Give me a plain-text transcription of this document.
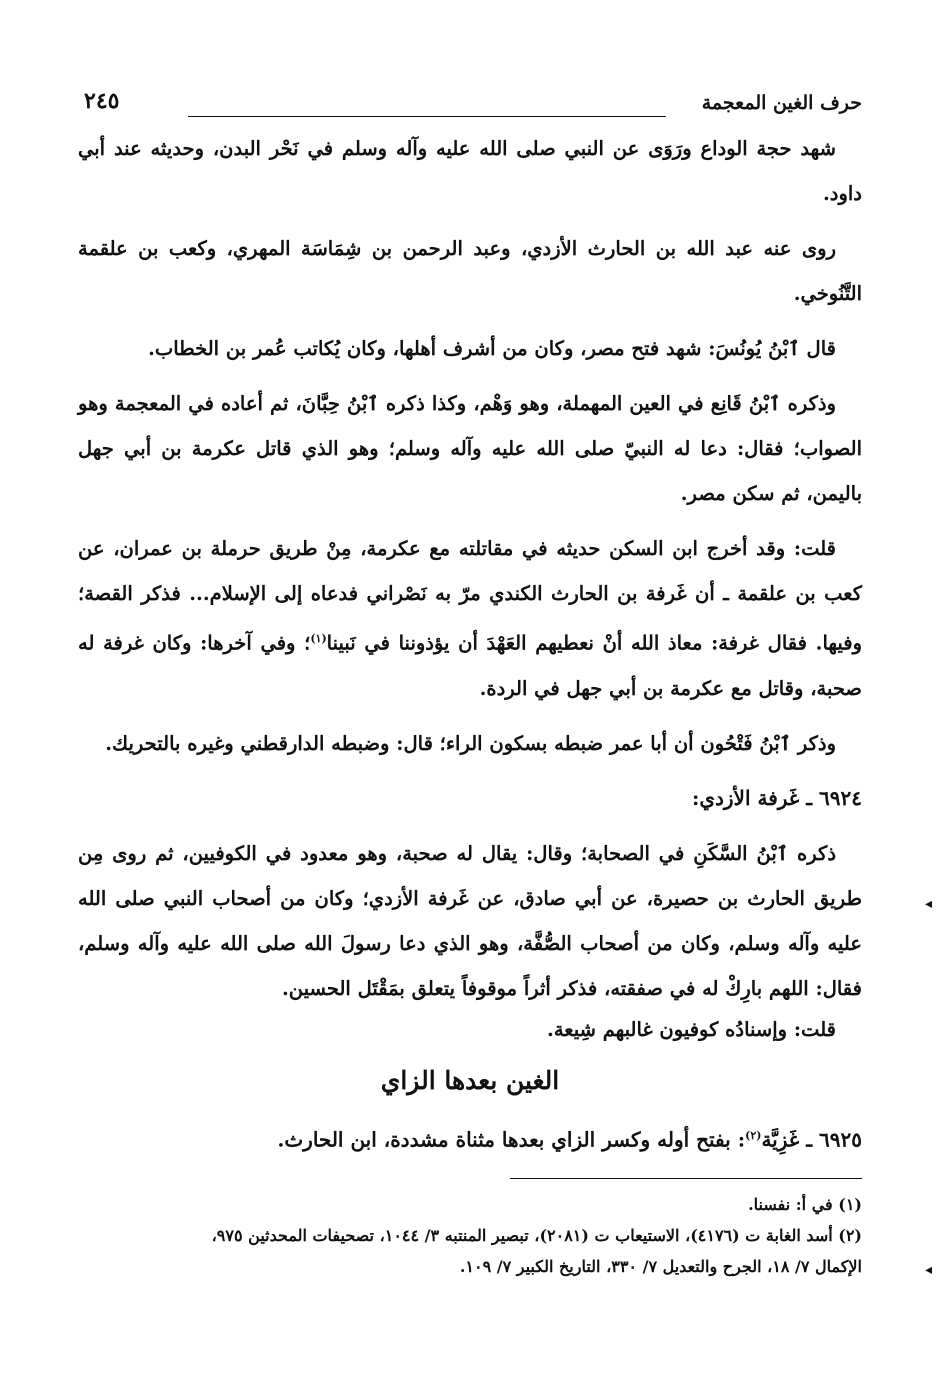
حرف الغين المعجمة
٢٤٥

شهد حجة الوداع ورَوَى عن النبي صلى الله عليه وآله وسلم في نَحْر البدن، وحديثه عند أبي داود.

روى عنه عبد الله بن الحارث الأزدي، وعبد الرحمن بن شِمَاسَة المهري، وكعب بن علقمة التَّنُوخي.

قال ٱبْنُ يُونُسَ: شهد فتح مصر، وكان من أشرف أهلها، وكان يُكاتب عُمر بن الخطاب.

وذكره ٱبْنُ قَانِع في العين المهملة، وهو وَهْم، وكذا ذكره ٱبْنُ حِبَّانَ، ثم أعاده في المعجمة وهو الصواب؛ فقال: دعا له النبيّ صلى الله عليه وآله وسلم؛ وهو الذي قاتل عكرمة بن أبي جهل باليمن، ثم سكن مصر.

قلت: وقد أخرج ابن السكن حديثه في مقاتلته مع عكرمة، مِنْ طريق حرملة بن عمران، عن كعب بن علقمة ـ أن غَرفة بن الحارث الكندي مرّ به نَصْراني فدعاه إلى الإسلام... فذكر القصة؛ وفيها. فقال غرفة: معاذ الله أنْ نعطيهم العَهْدَ أن يؤذوننا في نَبينا$^{(١)}$؛ وفي آخرها: وكان غرفة له صحبة، وقاتل مع عكرمة بن أبي جهل في الردة.

وذكر ٱبْنُ فَتْحُون أن أبا عمر ضبطه بسكون الراء؛ قال: وضبطه الدارقطني وغيره بالتحريك.

٦٩٢٤ ـ غَرفة الأزدي:

ذكره ٱبْنُ السَّكَنِ في الصحابة؛ وقال: يقال له صحبة، وهو معدود في الكوفيين، ثم روى مِن طريق الحارث بن حصيرة، عن أبي صادق، عن غَرفة الأزدي؛ وكان من أصحاب النبي صلى الله عليه وآله وسلم، وكان من أصحاب الصُّفَّة، وهو الذي دعا رسولَ الله صلى الله عليه وآله وسلم، فقال: اللهم بارِكْ له في صفقته، فذكر أثراً موقوفاً يتعلق بمَقْتَل الحسين.

قلت: وإسنادُه كوفيون غالبهم شِيعة.
الغين بعدها الزاي
٦٩٢٥ ـ غَزِيَّة$^{(٢)}$: بفتح أوله وكسر الزاي بعدها مثناة مشددة، ابن الحارث.
(١) في أ: نفسنا.
(٢) أسد الغابة ت (٤١٧٦)، الاستيعاب ت (٢٠٨١)، تبصير المنتبه ٣/ ١٠٤٤، تصحيفات المحدثين ٩٧٥،
الإكمال ٧/ ١٨، الجرح والتعديل ٧/ ٣٣٠، التاريخ الكبير ٧/ ١٠٩.
◂
◂
